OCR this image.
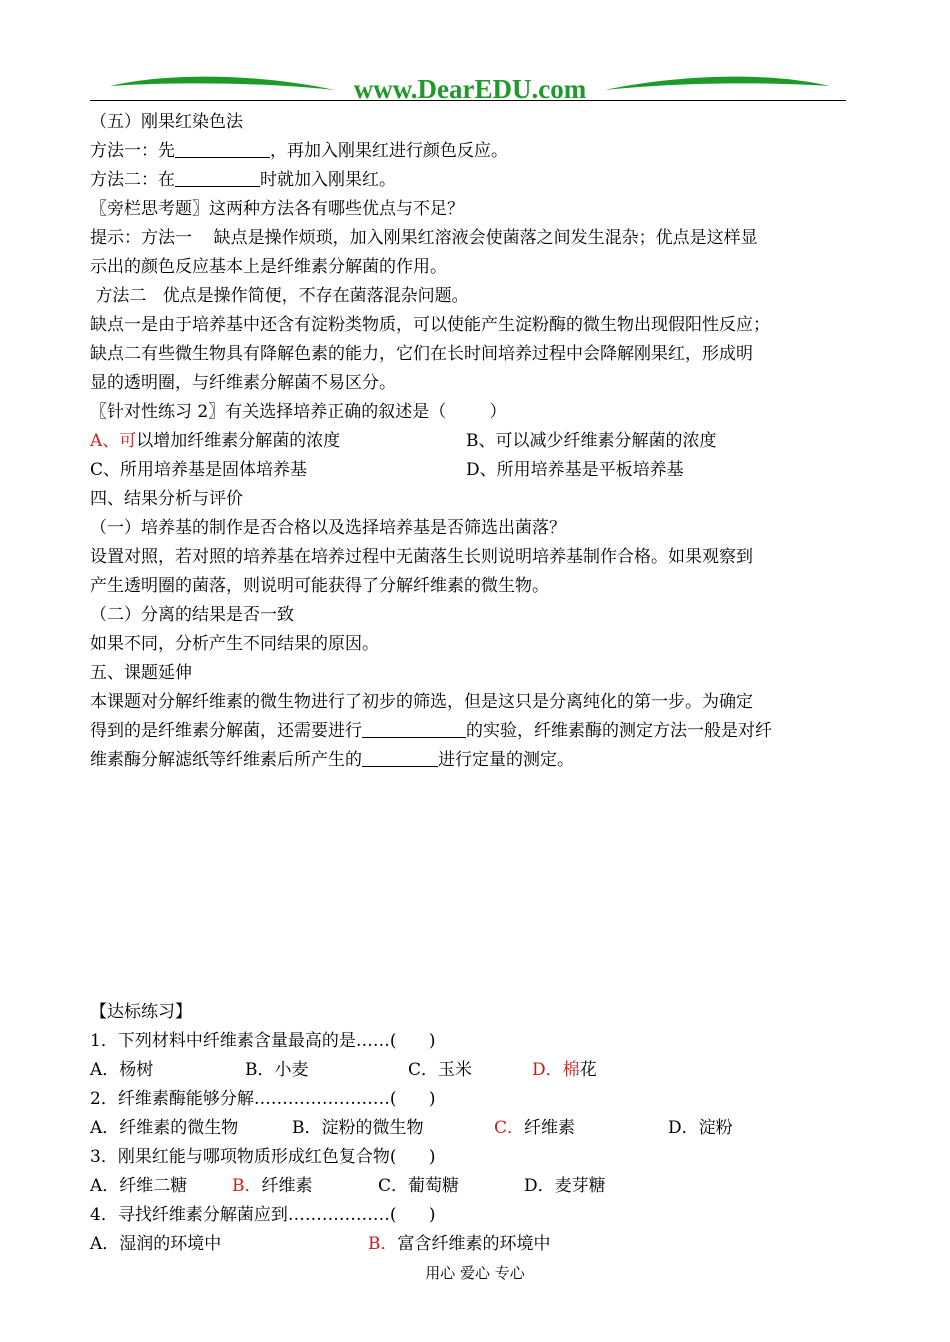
www.DearEDU.com
（五）刚果红染色法
方法一：先	，再加入刚果红进行颜色反应。
方法二：在	时就加入刚果红。
〖旁栏思考题〗这两种方法各有哪些优点与不足？
提示：方法一    缺点是操作烦琐，加入刚果红溶液会使菌落之间发生混杂；优点是这样显
示出的颜色反应基本上是纤维素分解菌的作用。
方法二   优点是操作简便，不存在菌落混杂问题。
缺点一是由于培养基中还含有淀粉类物质，可以使能产生淀粉酶的微生物出现假阳性反应；
缺点二有些微生物具有降解色素的能力，它们在长时间培养过程中会降解刚果红，形成明
显的透明圈，与纤维素分解菌不易区分。
〖针对性练习 2〗有关选择培养正确的叙述是（        ）
A、可以增加纤维素分解菌的浓度	B、可以减少纤维素分解菌的浓度
C、所用培养基是固体培养基	D、所用培养基是平板培养基
四、结果分析与评价
（一）培养基的制作是否合格以及选择培养基是否筛选出菌落？
设置对照，若对照的培养基在培养过程中无菌落生长则说明培养基制作合格。如果观察到
产生透明圈的菌落，则说明可能获得了分解纤维素的微生物。
（二）分离的结果是否一致
如果不同，分析产生不同结果的原因。
五、课题延伸
本课题对分解纤维素的微生物进行了初步的筛选，但是这只是分离纯化的第一步。为确定
得到的是纤维素分解菌，还需要进行	的实验，纤维素酶的测定方法一般是对纤
维素酶分解滤纸等纤维素后所产生的	进行定量的测定。
【达标练习】
1．下列材料中纤维素含量最高的是……(      )
A．杨树	B．小麦	C．玉米	D．棉花
2．纤维素酶能够分解……………………(      )
A．纤维素的微生物	B．淀粉的微生物	C．纤维素	D．淀粉
3．刚果红能与哪项物质形成红色复合物(      )
A．纤维二糖	B．纤维素	C．葡萄糖	D．麦芽糖
4．寻找纤维素分解菌应到………………(      )
A．湿润的环境中	B．富含纤维素的环境中
用心 爱心 专心
